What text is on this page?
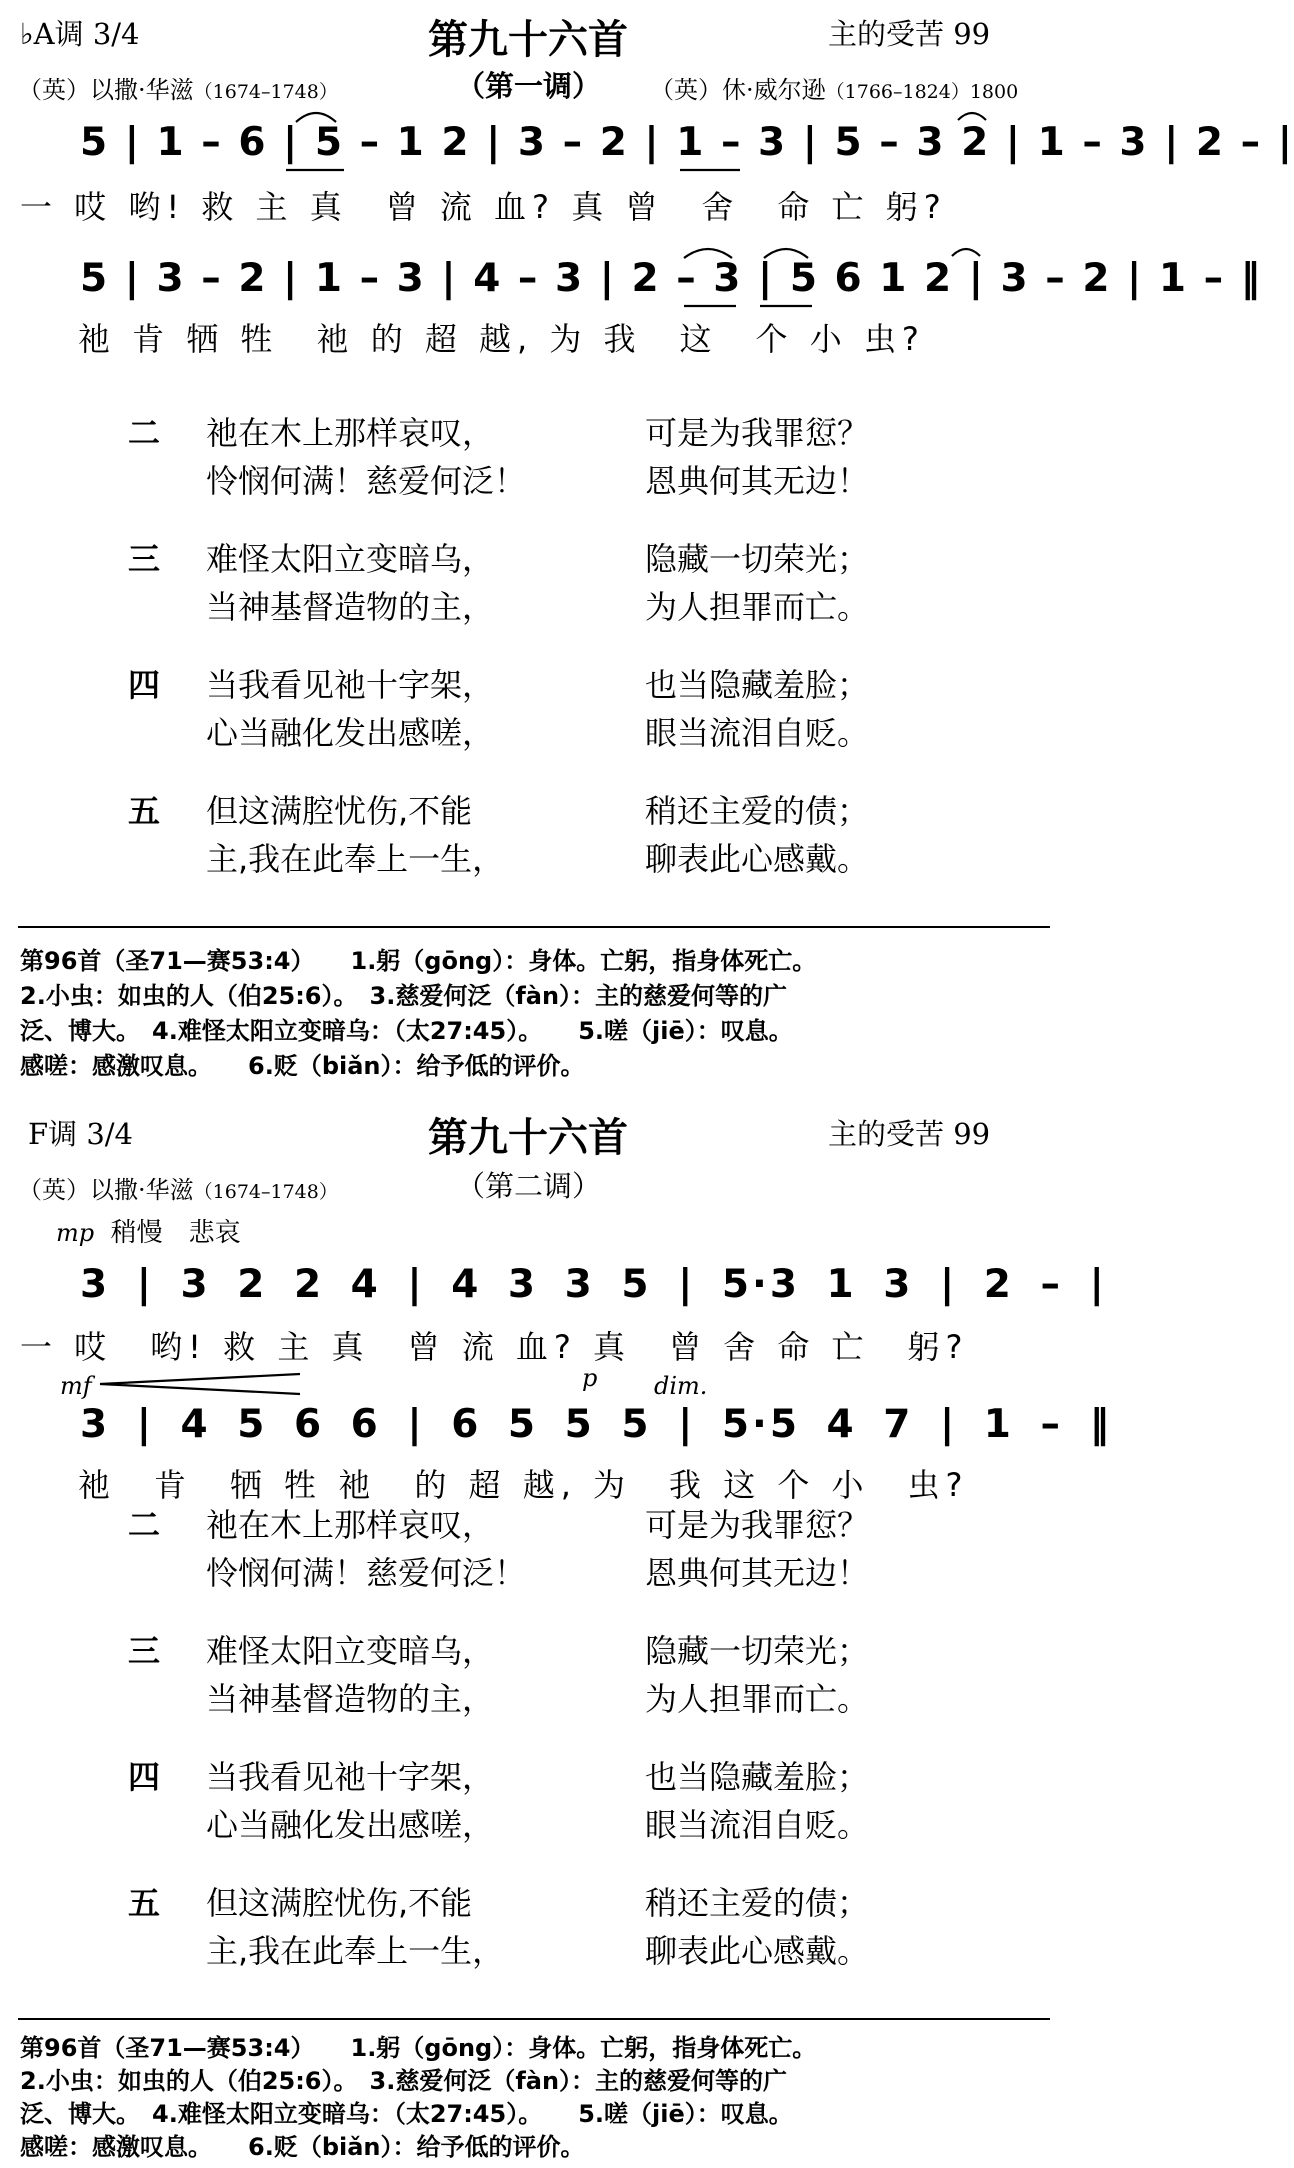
♭A调 3/4	第九十六首	主的受苦 99
（英）以撒·华滋（1674–1748）	（第一调） （英）休·威尔逊（1766–1824）1800
5 | 1 – 6 | 5 – 1 2 | 3 – 2 | 1 – 3 | 5 – 3 2 | 1 – 3 | 2 – |
一 哎 哟! 救 主 真　曾 流 血? 真 曾　舍　命 亡 躬?
5 | 3 – 2 | 1 – 3 | 4 – 3 | 2 – 3 | 5 6 1 2 | 3 – 2 | 1 – ‖
祂 肯 牺 牲　祂 的 超 越, 为 我　这　个 小 虫?
二 祂在木上那样哀叹，	可是为我罪愆？
怜悯何满！慈爱何泛！	恩典何其无边！
三 难怪太阳立变暗乌，	隐藏一切荣光；
当神基督造物的主，	为人担罪而亡。
四 当我看见祂十字架，	也当隐藏羞脸；
心当融化发出感嗟，	眼当流泪自贬。
五 但这满腔忧伤,不能	稍还主爱的债；
主,我在此奉上一生，	聊表此心感戴。
第96首（圣71—赛53:4）　　1.躬（gōng）：身体。亡躬，指身体死亡。
2.小虫：如虫的人（伯25:6）。　3.慈爱何泛（fàn）：主的慈爱何等的广
泛、博大。　4.难怪太阳立变暗乌：（太27:45）。　　5.嗟（jiē）：叹息。
感嗟：感激叹息。　　6.贬（biǎn）：给予低的评价。
F调 3/4	第九十六首	主的受苦 99
（英）以撒·华滋（1674–1748）	（第二调）
mp 稍慢　悲哀
3 | 3 2 2 4 | 4 3 3 5 | 5·3 1 3 | 2 – |
一 哎　哟! 救 主 真　曾 流 血? 真　曾 舍 命 亡　躬?
mf	p dim.
3 | 4 5 6 6 | 6 5 5 5 | 5·5 4 7 | 1 – ‖
祂　肯　牺 牲 祂　的 超 越, 为　我 这 个 小　虫?
二 祂在木上那样哀叹，	可是为我罪愆？
怜悯何满！慈爱何泛！	恩典何其无边！
三 难怪太阳立变暗乌，	隐藏一切荣光；
当神基督造物的主，	为人担罪而亡。
四 当我看见祂十字架，	也当隐藏羞脸；
心当融化发出感嗟，	眼当流泪自贬。
五 但这满腔忧伤,不能	稍还主爱的债；
主,我在此奉上一生，	聊表此心感戴。
第96首（圣71—赛53:4）　　1.躬（gōng）：身体。亡躬，指身体死亡。
2.小虫：如虫的人（伯25:6）。　3.慈爱何泛（fàn）：主的慈爱何等的广
泛、博大。　4.难怪太阳立变暗乌：（太27:45）。　　5.嗟（jiē）：叹息。
感嗟：感激叹息。　　6.贬（biǎn）：给予低的评价。
